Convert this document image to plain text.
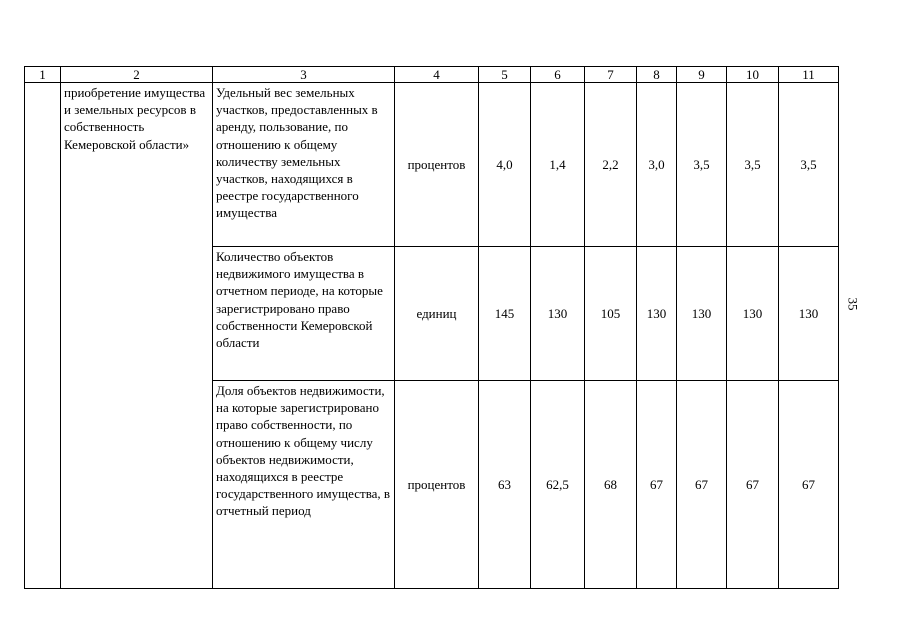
1	2	3	4	5	6	7	8	9	10	11
	приобретение имущества и земельных ресурсов в собственность Кемеровской области»	Удельный вес земельных участков, предоставленных в аренду, пользование, по отношению к общему количеству земельных участков, находящихся в реестре государственного имущества	процентов	4,0	1,4	2,2	3,0	3,5	3,5	3,5
		Количество объектов недвижимого имущества в отчетном периоде, на которые зарегистрировано право собственности Кемеровской области	единиц	145	130	105	130	130	130	130
		Доля объектов недвижимости, на которые зарегистрировано право собственности, по отношению к общему числу объектов недвижимости, находящихся в реестре государственного имущества, в отчетный период	процентов	63	62,5	68	67	67	67	67
35
